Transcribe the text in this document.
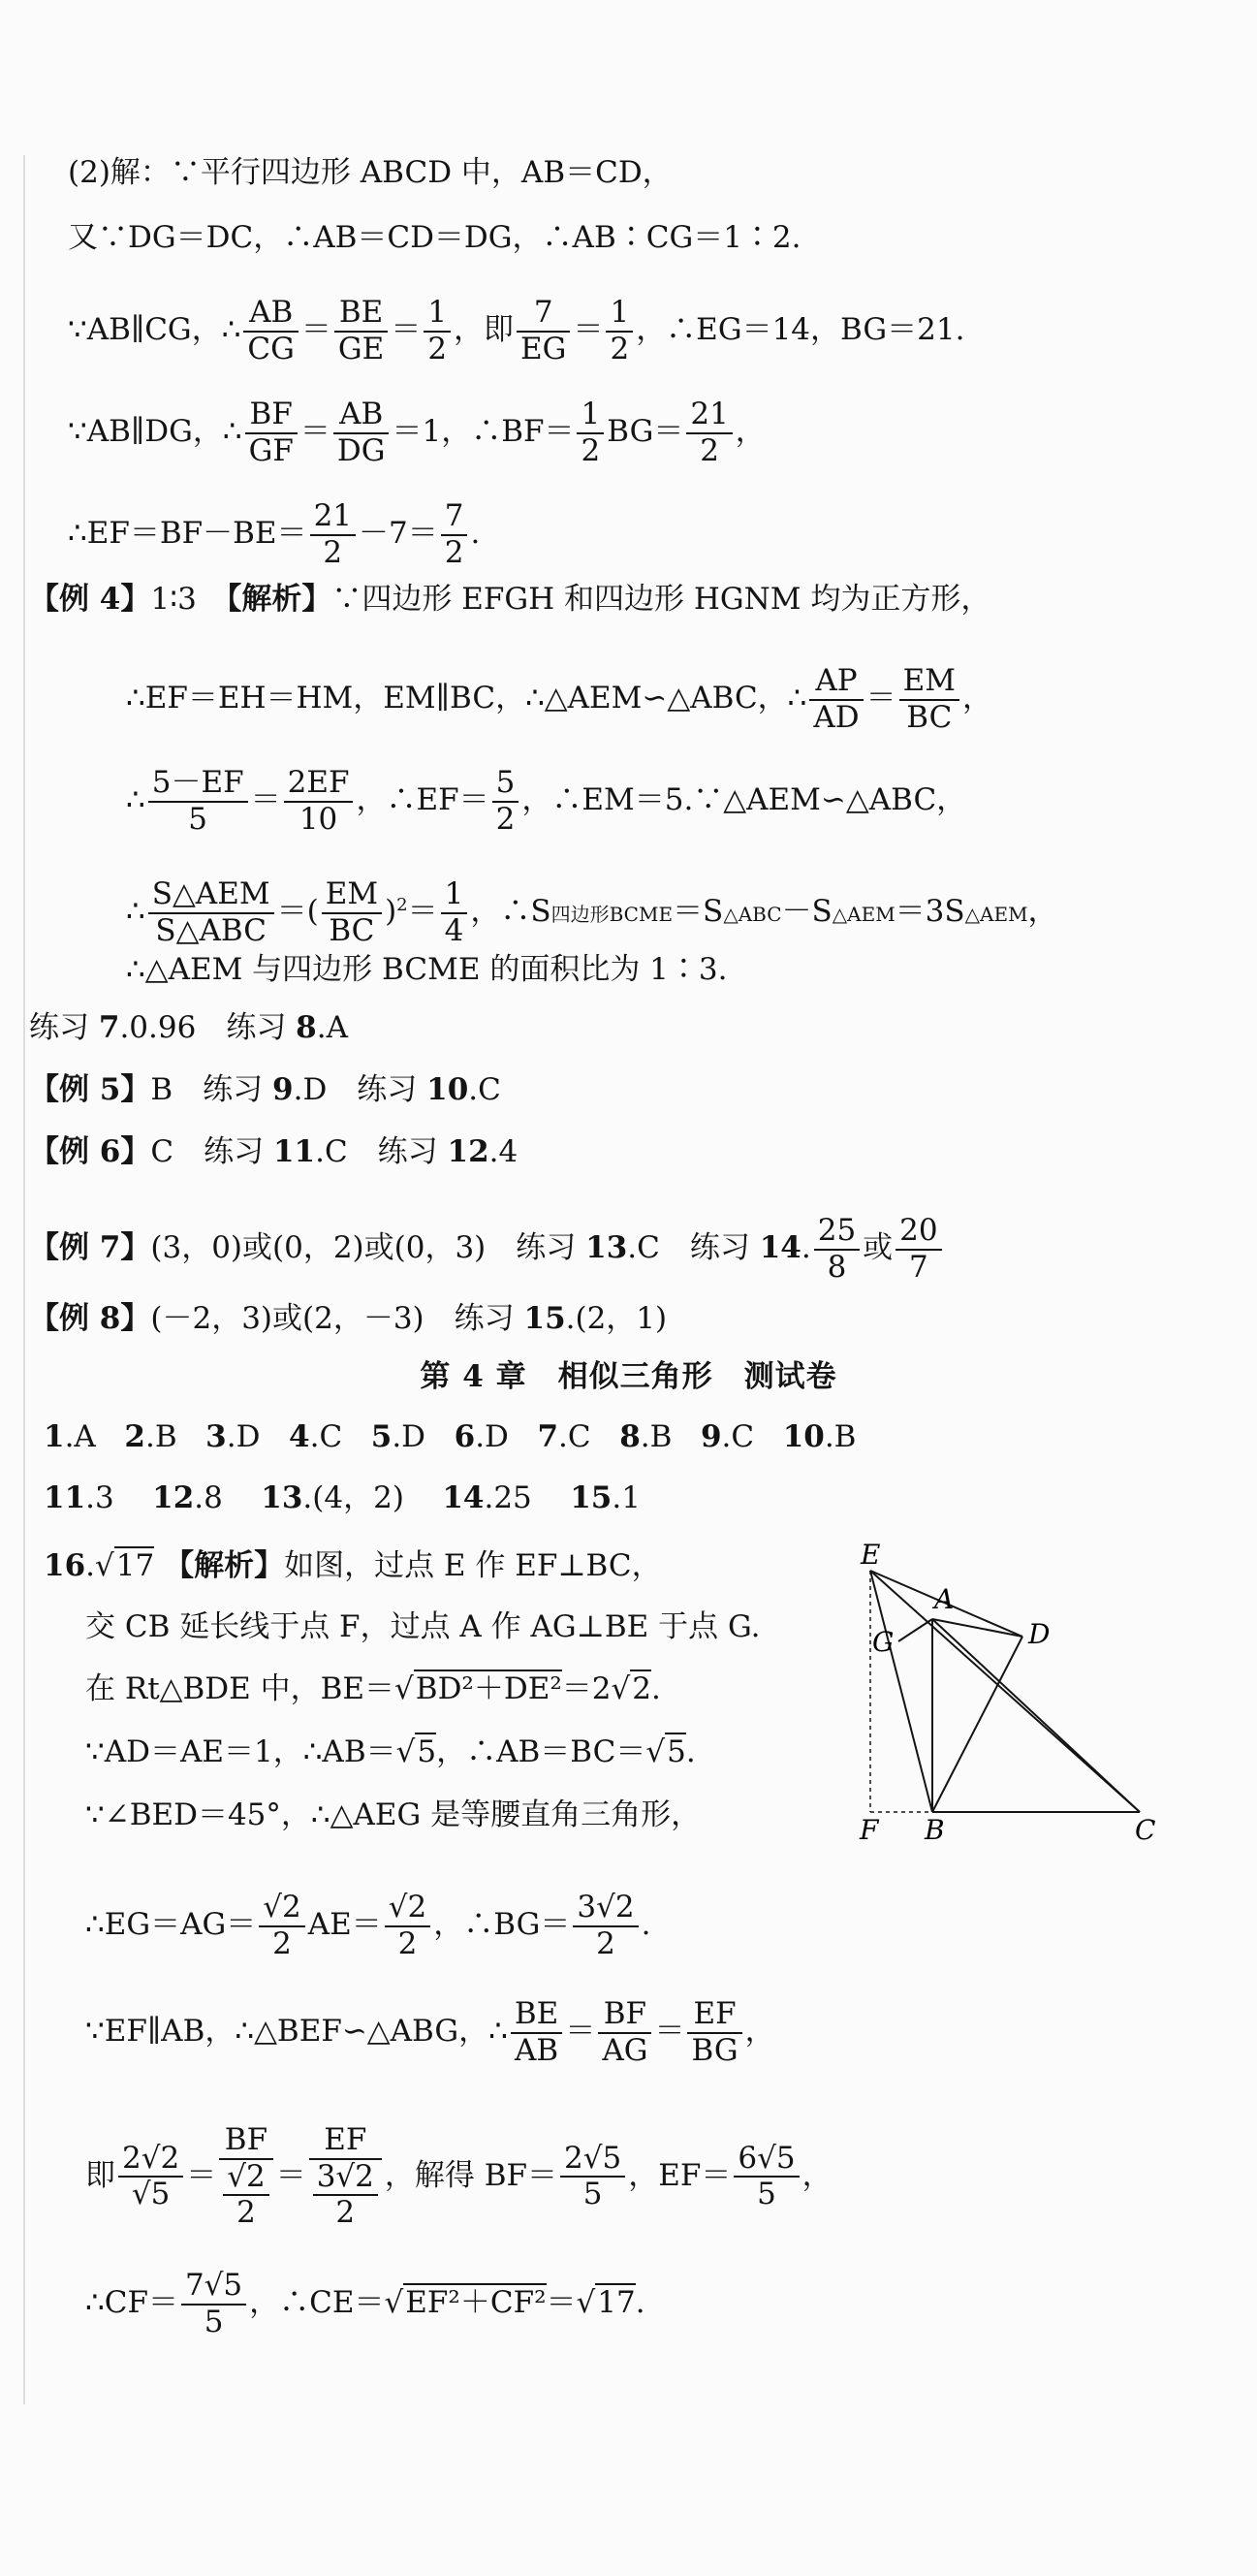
(2)解：∵平行四边形 ABCD 中，AB＝CD，
又∵DG＝DC，∴AB＝CD＝DG，∴AB∶CG＝1∶2.
∵AB∥CG，∴ $\frac{AB}{CG} = \frac{BE}{GE} = \frac{1}{2}$ ，即 $\frac{7}{EG} = \frac{1}{2}$ ，∴EG＝14，BG＝21.
∵AB∥DG，∴ $\frac{BF}{GF} = \frac{AB}{DG} =1$，∴BF＝ $\frac{1}{2} BG= \frac{21}{2}$ ，
∴EF＝BF－BE＝ $\frac{21}{2} -7= \frac{7}{2}$ .
【例 4】1∶3　 【解析】∵四边形 EFGH 和四边形 HGNM 均为正方形，
∴EF＝EH＝HM，EM∥BC，∴△AEM∽△ABC，∴ $\frac{AP}{AD} = \frac{EM}{BC}$ ，
∴ $\frac{5-EF}{5} = \frac{2EF}{10}$ ，∴EF＝ $\frac{5}{2}$ ，∴EM＝5.∵△AEM∽△ABC，
∴ $\frac{\text{S△AEM}}{\text{S△ABC}}$ ＝( $\frac{EM}{BC} )^2= \frac{1}{4}$ ，∴S四边形BCME＝S△ABC－S△AEM＝3S△AEM，
∴△AEM 与四边形 BCME 的面积比为 1∶3.
练习 7.0.96　练习 8.A
【例 5】B　练习 9.D　练习 10.C
【例 6】C　练习 11.C　练习 12.4
【例 7】(3，0)或(0，2)或(0，3)　练习 13.C　练习 14. $\frac{25}{8}$ 或 $\frac{20}{7}$
【例 8】(－2，3)或(2，－3)　练习 15.(2，1)
第 4 章　相似三角形　测试卷
1.A 2.B 3.D 4.C 5.D 6.D 7.C 8.B 9.C 10.B
11.3 12.8 13.(4，2) 14.25 15.1
16.√17 【解析】如图，过点 E 作 EF⊥BC，
交 CB 延长线于点 F，过点 A 作 AG⊥BE 于点 G.
在 Rt△BDE 中，BE＝√BD²＋DE²＝2√2.
∵AD＝AE＝1，∴AB＝√5，∴AB＝BC＝√5.
∵∠BED＝45°，∴△AEG 是等腰直角三角形，
∴EG＝AG＝ $\frac{√2}{2} AE= \frac{√2}{2}$ ，∴BG＝ $\frac{3√2}{2}$ .
∵EF∥AB，∴△BEF∽△ABG，∴ $\frac{BE}{AB} = \frac{BF}{AG} = \frac{EF}{BG}$ ，
即 $\frac{2√2}{√5} = \frac{BF}{\frac{√2}{2}} = \frac{EF}{\frac{3√2}{2}}$ ，解得 $BF= \frac{2√5}{5}$ ，$EF= \frac{6√5}{5}$ ，
∴CF＝ $\frac{7√5}{5}$ ，∴CE＝√EF²＋CF²＝√17.
E
A
D
G
F B	C
